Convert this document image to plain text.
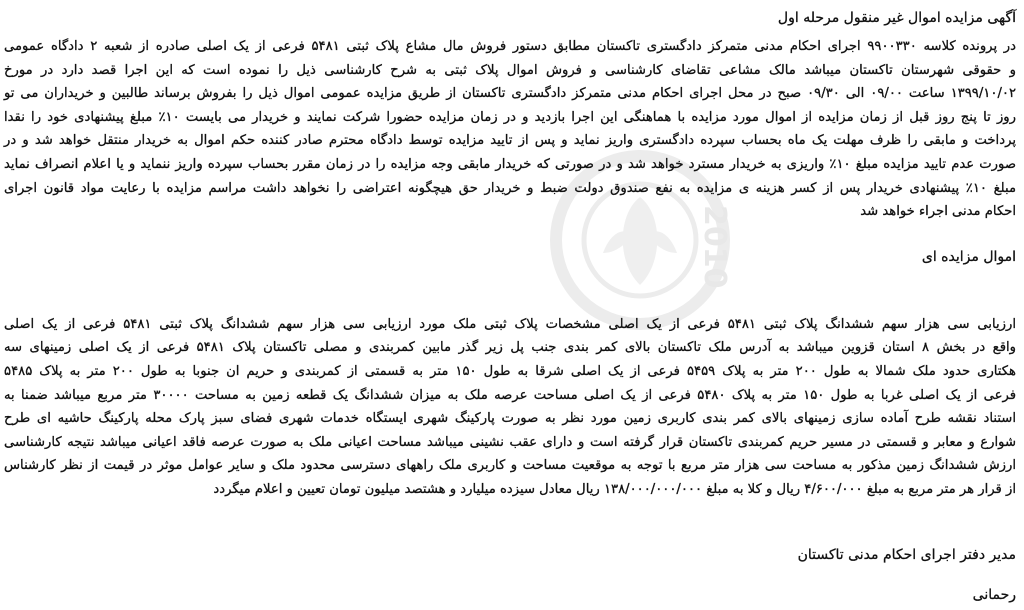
2010
آگهی مزایده اموال غیر منقول مرحله اول
در پرونده کلاسه ۹۹۰۰۳۳۰ اجرای احکام مدنی متمرکز دادگستری تاکستان مطابق دستور فروش مال مشاع پلاک ثبتی ۵۴۸۱ فرعی از یک اصلی صادره از شعبه ۲ دادگاه عمومی
و حقوقی شهرستان تاکستان میباشد مالک مشاعی تقاضای کارشناسی و فروش اموال پلاک ثبتی به شرح کارشناسی ذیل را نموده است که این اجرا قصد دارد در مورخ
۱۳۹۹/۱۰/۰۲ ساعت ۰۹/۰۰ الی ۰۹/۳۰ صبح در محل اجرای احکام مدنی متمرکز دادگستری تاکستان از طریق مزایده عمومی اموال ذیل را بفروش برساند طالبین و خریداران می تو
روز تا پنج روز قبل از زمان مزایده از اموال مورد مزایده با هماهنگی این اجرا بازدید و در زمان مزایده حضورا شرکت نمایند و خریدار می بایست ۱۰٪ مبلغ پیشنهادی خود را نقدا
پرداخت و مابقی را ظرف مهلت یک ماه بحساب سپرده دادگستری واریز نماید و پس از تایید مزایده توسط دادگاه محترم صادر کننده حکم اموال به خریدار منتقل خواهد شد و در
صورت عدم تایید مزایده مبلغ ۱۰٪ واریزی به خریدار مسترد خواهد شد و در صورتی که خریدار مابقی وجه مزایده را در زمان مقرر بحساب سپرده واریز ننماید و یا اعلام انصراف نماید
مبلغ ۱۰٪ پیشنهادی خریدار پس از کسر هزینه ی مزایده به نفع صندوق دولت ضبط و خریدار حق هیچگونه اعتراضی را نخواهد داشت مراسم مزایده با رعایت مواد قانون اجرای
احکام مدنی اجراء خواهد شد
اموال مزایده ای
ارزیابی سی هزار سهم ششدانگ پلاک ثبتی ۵۴۸۱ فرعی از یک اصلی مشخصات پلاک ثبتی ملک مورد ارزیابی سی هزار سهم ششدانگ پلاک ثبتی ۵۴۸۱ فرعی از یک اصلی
واقع در بخش ۸ استان قزوین میباشد به آدرس ملک تاکستان بالای کمر بندی جنب پل زیر گذر مابین کمربندی و مصلی تاکستان پلاک ۵۴۸۱ فرعی از یک اصلی زمینهای سه
هکتاری حدود ملک شمالا به طول ۲۰۰ متر به پلاک ۵۴۵۹ فرعی از یک اصلی شرقا به طول ۱۵۰ متر به قسمتی از کمربندی و حریم ان جنوبا به طول ۲۰۰ متر به پلاک ۵۴۸۵
فرعی از یک اصلی غربا به طول ۱۵۰ متر به پلاک ۵۴۸۰ فرعی از یک اصلی مساحت عرصه ملک به میزان ششدانگ یک قطعه زمین به مساحت ۳۰۰۰۰ متر مربع میباشد ضمنا به
استناد نقشه طرح آماده سازی زمینهای بالای کمر بندی کاربری زمین مورد نظر به صورت پارکینگ شهری ایستگاه خدمات شهری فضای سبز پارک محله پارکینگ حاشیه ای طرح
شوارع و معابر و قسمتی در مسیر حریم کمربندی تاکستان قرار گرفته است و دارای عقب نشینی میباشد مساحت اعیانی ملک به صورت عرصه فاقد اعیانی میباشد نتیجه کارشناسی
ارزش ششدانگ زمین مذکور به مساحت سی هزار متر مربع با توجه به موقعیت مساحت و کاربری ملک راههای دسترسی محدود ملک و سایر عوامل موثر در قیمت از نظر کارشناس
از قرار هر متر مربع به مبلغ ۴/۶۰۰/۰۰۰ ریال و کلا به مبلغ ۱۳۸/۰۰۰/۰۰۰/۰۰۰ ریال معادل سیزده میلیارد و هشتصد میلیون تومان تعیین و اعلام میگردد
مدیر دفتر اجرای احکام مدنی تاکستان
رحمانی
